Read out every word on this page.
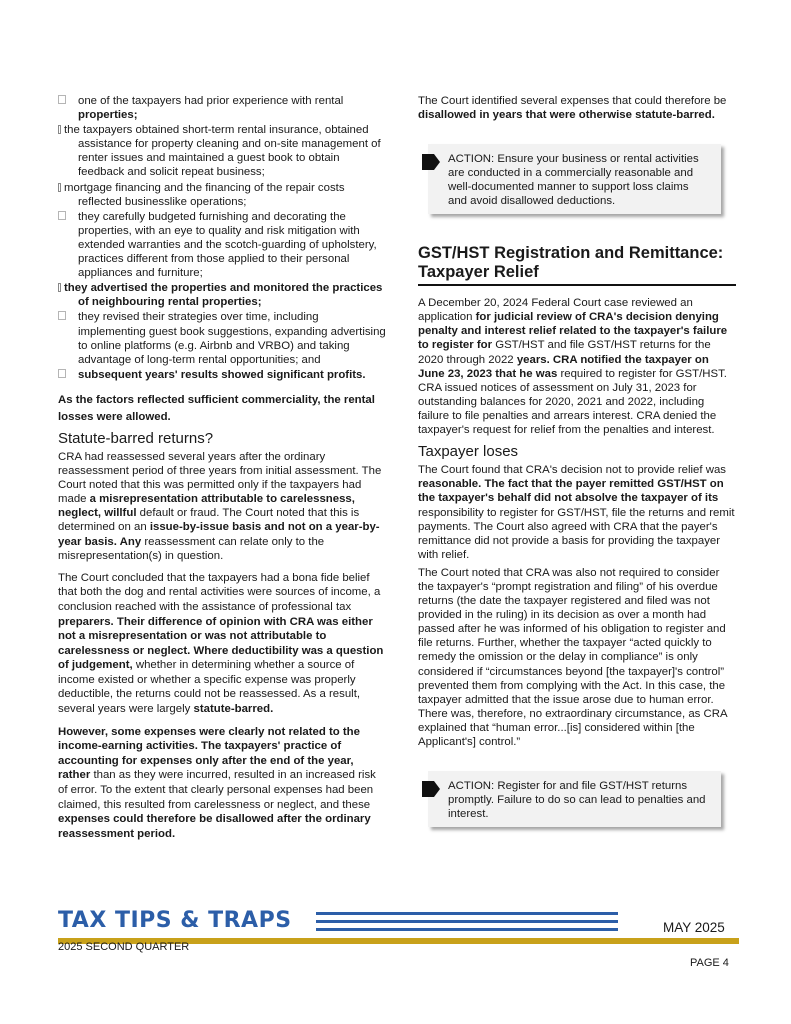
one of the taxpayers had prior experience with rental properties;
the taxpayers obtained short-term rental insurance, obtained
assistance for property cleaning and on-site management of renter issues and maintained a guest book to obtain feedback and solicit repeat business;
mortgage financing and the financing of the repair costs
reflected businesslike operations;
they carefully budgeted furnishing and decorating the properties, with an eye to quality and risk mitigation with extended warranties and the scotch-guarding of upholstery, practices different from those applied to their personal appliances and furniture;
they advertised the properties and monitored the practices
of neighbouring rental properties;
they revised their strategies over time, including implementing guest book suggestions, expanding advertising to online platforms (e.g. Airbnb and VRBO) and taking advantage of long-term rental opportunities; and
subsequent years' results showed significant profits.

As the factors reflected sufficient commerciality, the rental losses were allowed.

Statute-barred returns?

CRA had reassessed several years after the ordinary reassessment period of three years from initial assessment. The Court noted that this was permitted only if the taxpayers had made a misrepresentation attributable to carelessness, neglect, willful default or fraud. The Court noted that this is determined on an issue-by-issue basis and not on a year-by-year basis. Any reassessment can relate only to the misrepresentation(s) in question.

The Court concluded that the taxpayers had a bona fide belief that both the dog and rental activities were sources of income, a conclusion reached with the assistance of professional tax preparers. Their difference of opinion with CRA was either not a misrepresentation or was not attributable to carelessness or neglect. Where deductibility was a question of judgement, whether in determining whether a source of income existed or whether a specific expense was properly deductible, the returns could not be reassessed. As a result, several years were largely statute-barred.

However, some expenses were clearly not related to the income-earning activities. The taxpayers' practice of accounting for expenses only after the end of the year, rather than as they were incurred, resulted in an increased risk of error. To the extent that clearly personal expenses had been claimed, this resulted from carelessness or neglect, and these expenses could therefore be disallowed after the ordinary reassessment period.

The Court identified several expenses that could therefore be disallowed in years that were otherwise statute-barred.

ACTION: Ensure your business or rental activities are conducted in a commercially reasonable and well-documented manner to support loss claims and avoid disallowed deductions.
GST/HST Registration and Remittance: Taxpayer Relief

A December 20, 2024 Federal Court case reviewed an application for judicial review of CRA's decision denying penalty and interest relief related to the taxpayer's failure to register for GST/HST and file GST/HST returns for the 2020 through 2022 years. CRA notified the taxpayer on June 23, 2023 that he was required to register for GST/HST. CRA issued notices of assessment on July 31, 2023 for outstanding balances for 2020, 2021 and 2022, including failure to file penalties and arrears interest. CRA denied the taxpayer's request for relief from the penalties and interest.

Taxpayer loses

The Court found that CRA's decision not to provide relief was reasonable. The fact that the payer remitted GST/HST on the taxpayer's behalf did not absolve the taxpayer of its responsibility to register for GST/HST, file the returns and remit payments. The Court also agreed with CRA that the payer's remittance did not provide a basis for providing the taxpayer with relief.

The Court noted that CRA was also not required to consider the taxpayer's “prompt registration and filing” of his overdue returns (the date the taxpayer registered and filed was not provided in the ruling) in its decision as over a month had passed after he was informed of his obligation to register and file returns. Further, whether the taxpayer “acted quickly to remedy the omission or the delay in compliance” is only considered if “circumstances beyond [the taxpayer]'s control” prevented them from complying with the Act. In this case, the taxpayer admitted that the issue arose due to human error. There was, therefore, no extraordinary circumstance, as CRA explained that “human error...[is] considered within [the Applicant's] control.”

ACTION: Register for and file GST/HST returns promptly. Failure to do so can lead to penalties and interest.
TAX TIPS & TRAPS
2025 SECOND QUARTER
MAY 2025
PAGE 4
